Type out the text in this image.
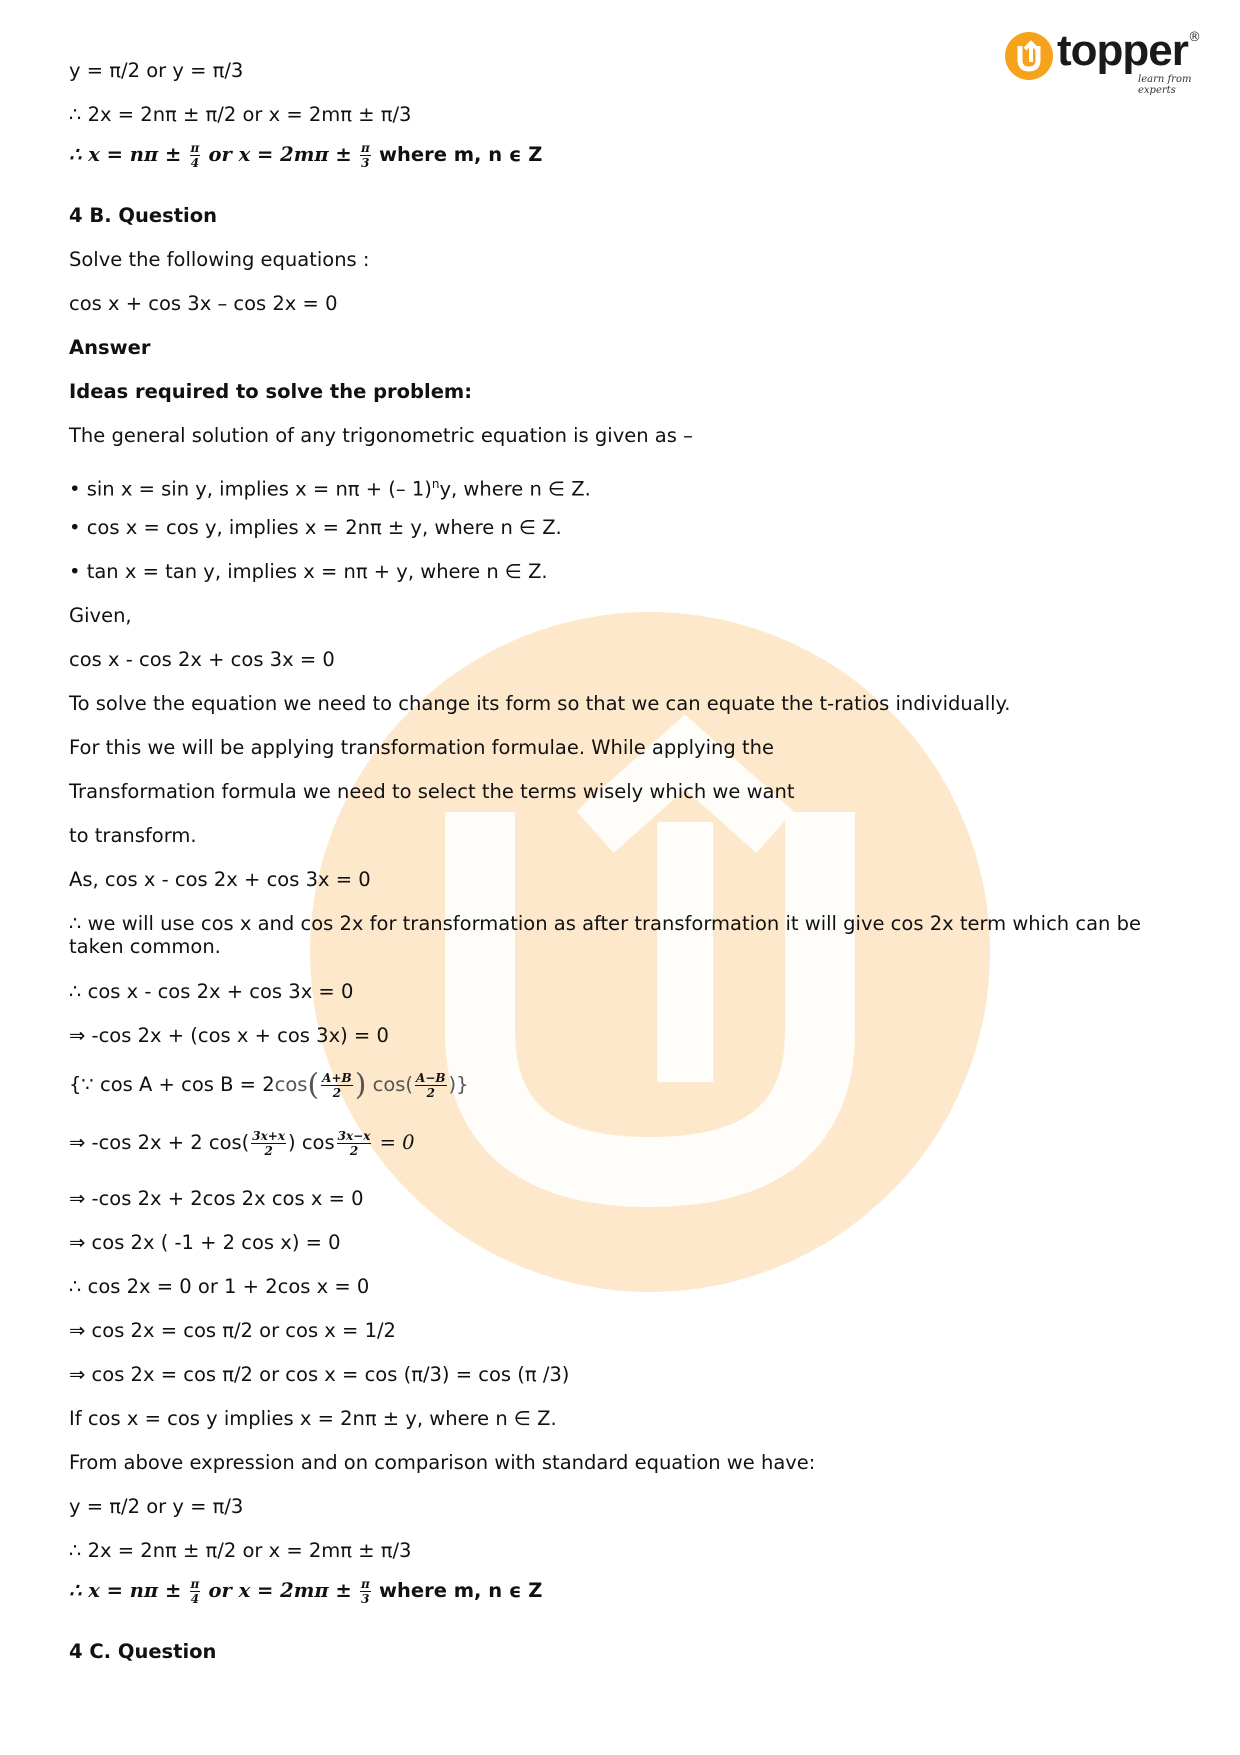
topper ®
learn from experts
y = π/2 or y = π/3
∴ 2x = 2nπ ± π/2 or x = 2mπ ± π/3
∴ $x = n\pi \pm \frac{\pi}{4}$ or $x = 2m\pi \pm \frac{\pi}{3}$ where m, n ϵ Z
4 B. Question
Solve the following equations :
cos x + cos 3x – cos 2x = 0
Answer
Ideas required to solve the problem:
The general solution of any trigonometric equation is given as –
• sin x = sin y, implies x = nπ + (– 1)$^n$y, where n ∈ Z.
• cos x = cos y, implies x = 2nπ ± y, where n ∈ Z.
• tan x = tan y, implies x = nπ + y, where n ∈ Z.
Given,
cos x - cos 2x + cos 3x = 0
To solve the equation we need to change its form so that we can equate the t-ratios individually.
For this we will be applying transformation formulae. While applying the
Transformation formula we need to select the terms wisely which we want
to transform.
As, cos x - cos 2x + cos 3x = 0
∴ we will use cos x and cos 2x for transformation as after transformation it will give cos 2x term which can be taken common.
∴ cos x - cos 2x + cos 3x = 0
⇒ -cos 2x + (cos x + cos 3x) = 0
{∵ $\cos A + \cos B = 2\cos( \frac{A+B}{2}$ ) $\cos( \frac{A-B}{2}$ )}
⇒ -cos 2x + 2 $\cos( \frac{3x+x}{2}$ ) $\cos \frac{3x-x}{2} = 0$
⇒ -cos 2x + 2cos 2x cos x = 0
⇒ cos 2x ( -1 + 2 cos x) = 0
∴ cos 2x = 0 or 1 + 2cos x = 0
⇒ cos 2x = cos π/2 or cos x = 1/2
⇒ cos 2x = cos π/2 or cos x = cos (π/3) = cos (π /3)
If cos x = cos y implies x = 2nπ ± y, where n ∈ Z.
From above expression and on comparison with standard equation we have:
y = π/2 or y = π/3
∴ 2x = 2nπ ± π/2 or x = 2mπ ± π/3
∴ $x = n\pi \pm \frac{\pi}{4}$ or $x = 2m\pi \pm \frac{\pi}{3}$ where m, n ϵ Z
4 C. Question
